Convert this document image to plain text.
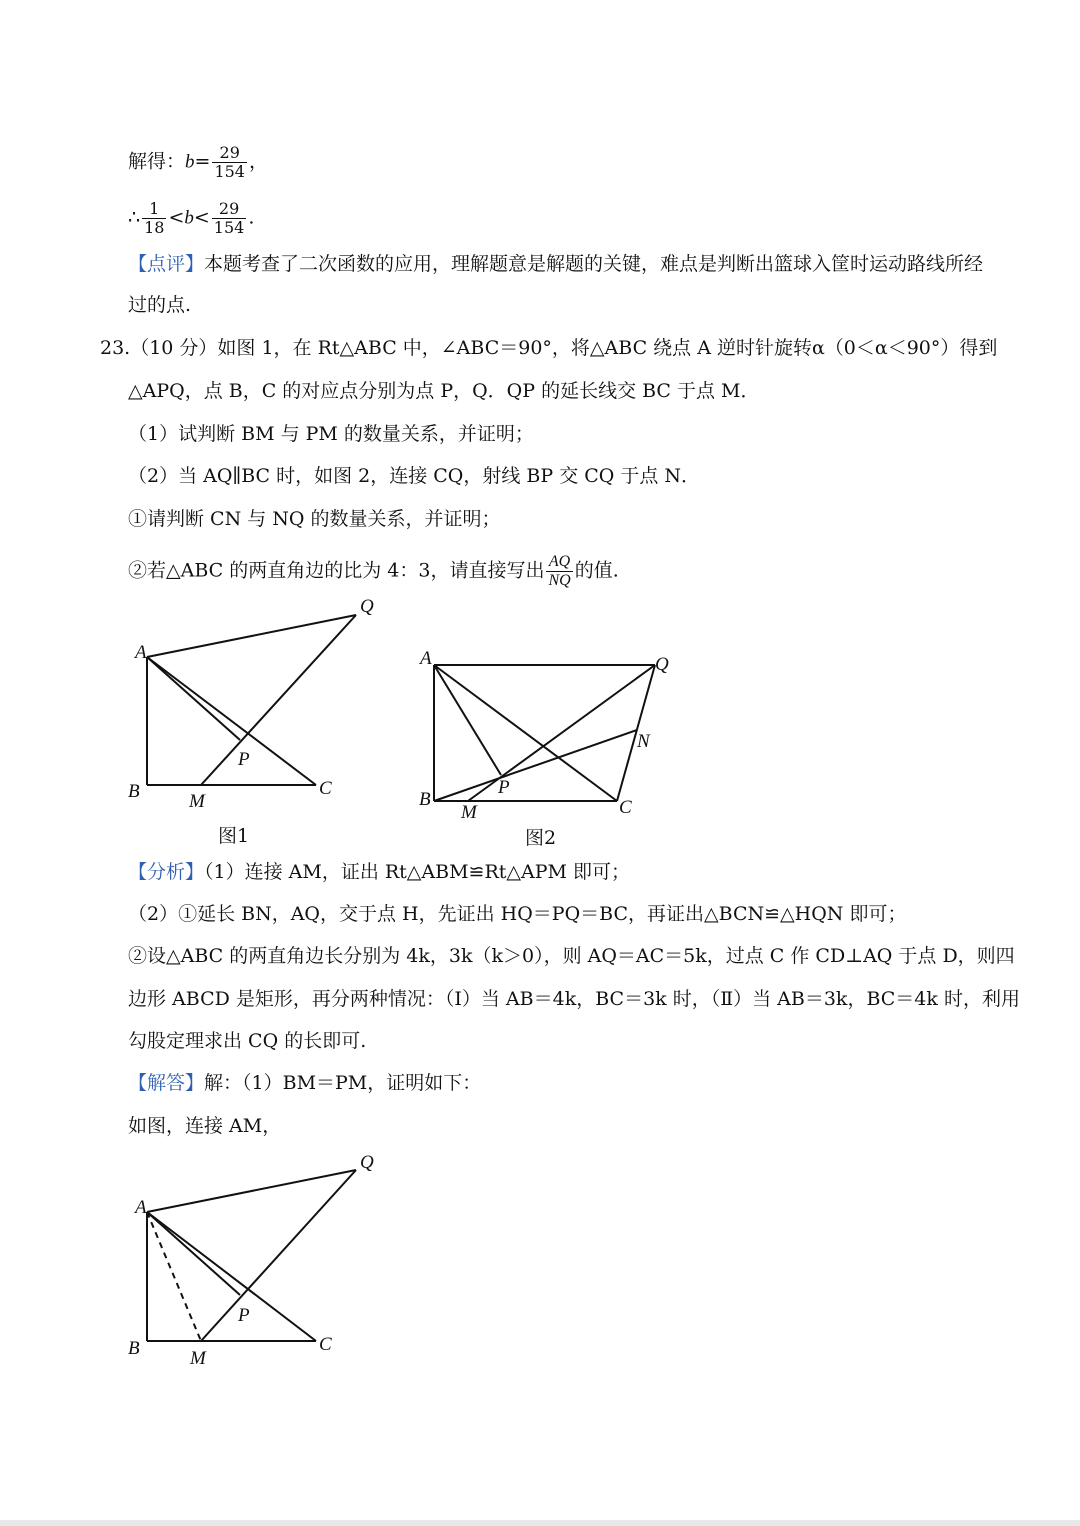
解得：$b= \frac{29}{154}$ ，
∴ $\frac{1}{18} <b< \frac{29}{154}$ .
【点评】本题考查了二次函数的应用，理解题意是解题的关键，难点是判断出篮球入筐时运动路线所经
过的点.
23.（10 分）如图 1，在 Rt△ABC 中，∠ABC＝90°，将△ABC 绕点 A 逆时针旋转α（0＜α＜90°）得到
△APQ，点 B，C 的对应点分别为点 P，Q．QP 的延长线交 BC 于点 M．
（1）试判断 BM 与 PM 的数量关系，并证明；
（2）当 AQ∥BC 时，如图 2，连接 CQ，射线 BP 交 CQ 于点 N．
①请判断 CN 与 NQ 的数量关系，并证明；
②若△ABC 的两直角边的比为 4：3，请直接写出 $\frac{AQ}{NQ}$ 的值.
A
B	C
M
P
Q
图1
A
B	C
M
P
Q
N
图2
【分析】（1）连接 AM，证出 Rt△ABM≌Rt△APM 即可；
（2）①延长 BN，AQ，交于点 H，先证出 HQ＝PQ＝BC，再证出△BCN≌△HQN 即可；
②设△ABC 的两直角边长分别为 4k，3k（k＞0），则 AQ＝AC＝5k，过点 C 作 CD⊥AQ 于点 D，则四
边形 ABCD 是矩形，再分两种情况：（Ⅰ）当 AB＝4k，BC＝3k 时，（Ⅱ）当 AB＝3k，BC＝4k 时，利用
勾股定理求出 CQ 的长即可.
【解答】解：（1）BM＝PM，证明如下：
如图，连接 AM，
A
B	C
M
P
Q
